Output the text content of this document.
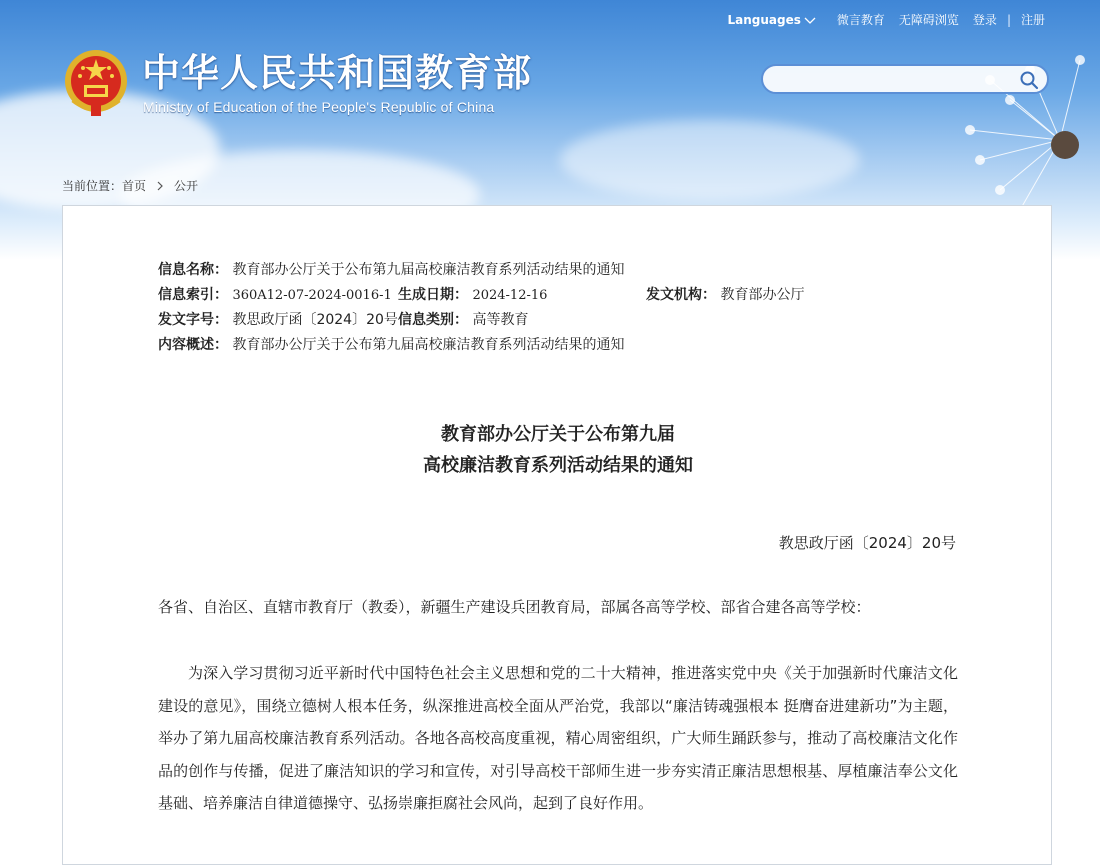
Languages	微言教育 无障碍浏览 登录 | 注册
中华人民共和国教育部
Ministry of Education of the People's Republic of China
当前位置： 首页 公开
信息名称： 教育部办公厅关于公布第九届高校廉洁教育系列活动结果的通知
信息索引： 360A12-07-2024-0016-1 生成日期： 2024-12-16	发文机构： 教育部办公厅
发文字号： 教思政厅函〔2024〕20号 信息类别： 高等教育
内容概述： 教育部办公厅关于公布第九届高校廉洁教育系列活动结果的通知
教育部办公厅关于公布第九届
高校廉洁教育系列活动结果的通知
教思政厅函〔2024〕20号
各省、自治区、直辖市教育厅（教委），新疆生产建设兵团教育局，部属各高等学校、部省合建各高等学校：
为深入学习贯彻习近平新时代中国特色社会主义思想和党的二十大精神，推进落实党中央《关于加强新时代廉洁文化建设的意见》，围绕立德树人根本任务，纵深推进高校全面从严治党，我部以“廉洁铸魂强根本 挺膺奋进建新功”为主题，举办了第九届高校廉洁教育系列活动。各地各高校高度重视，精心周密组织，广大师生踊跃参与，推动了高校廉洁文化作品的创作与传播，促进了廉洁知识的学习和宣传，对引导高校干部师生进一步夯实清正廉洁思想根基、厚植廉洁奉公文化基础、培养廉洁自律道德操守、弘扬崇廉拒腐社会风尚，起到了良好作用。
